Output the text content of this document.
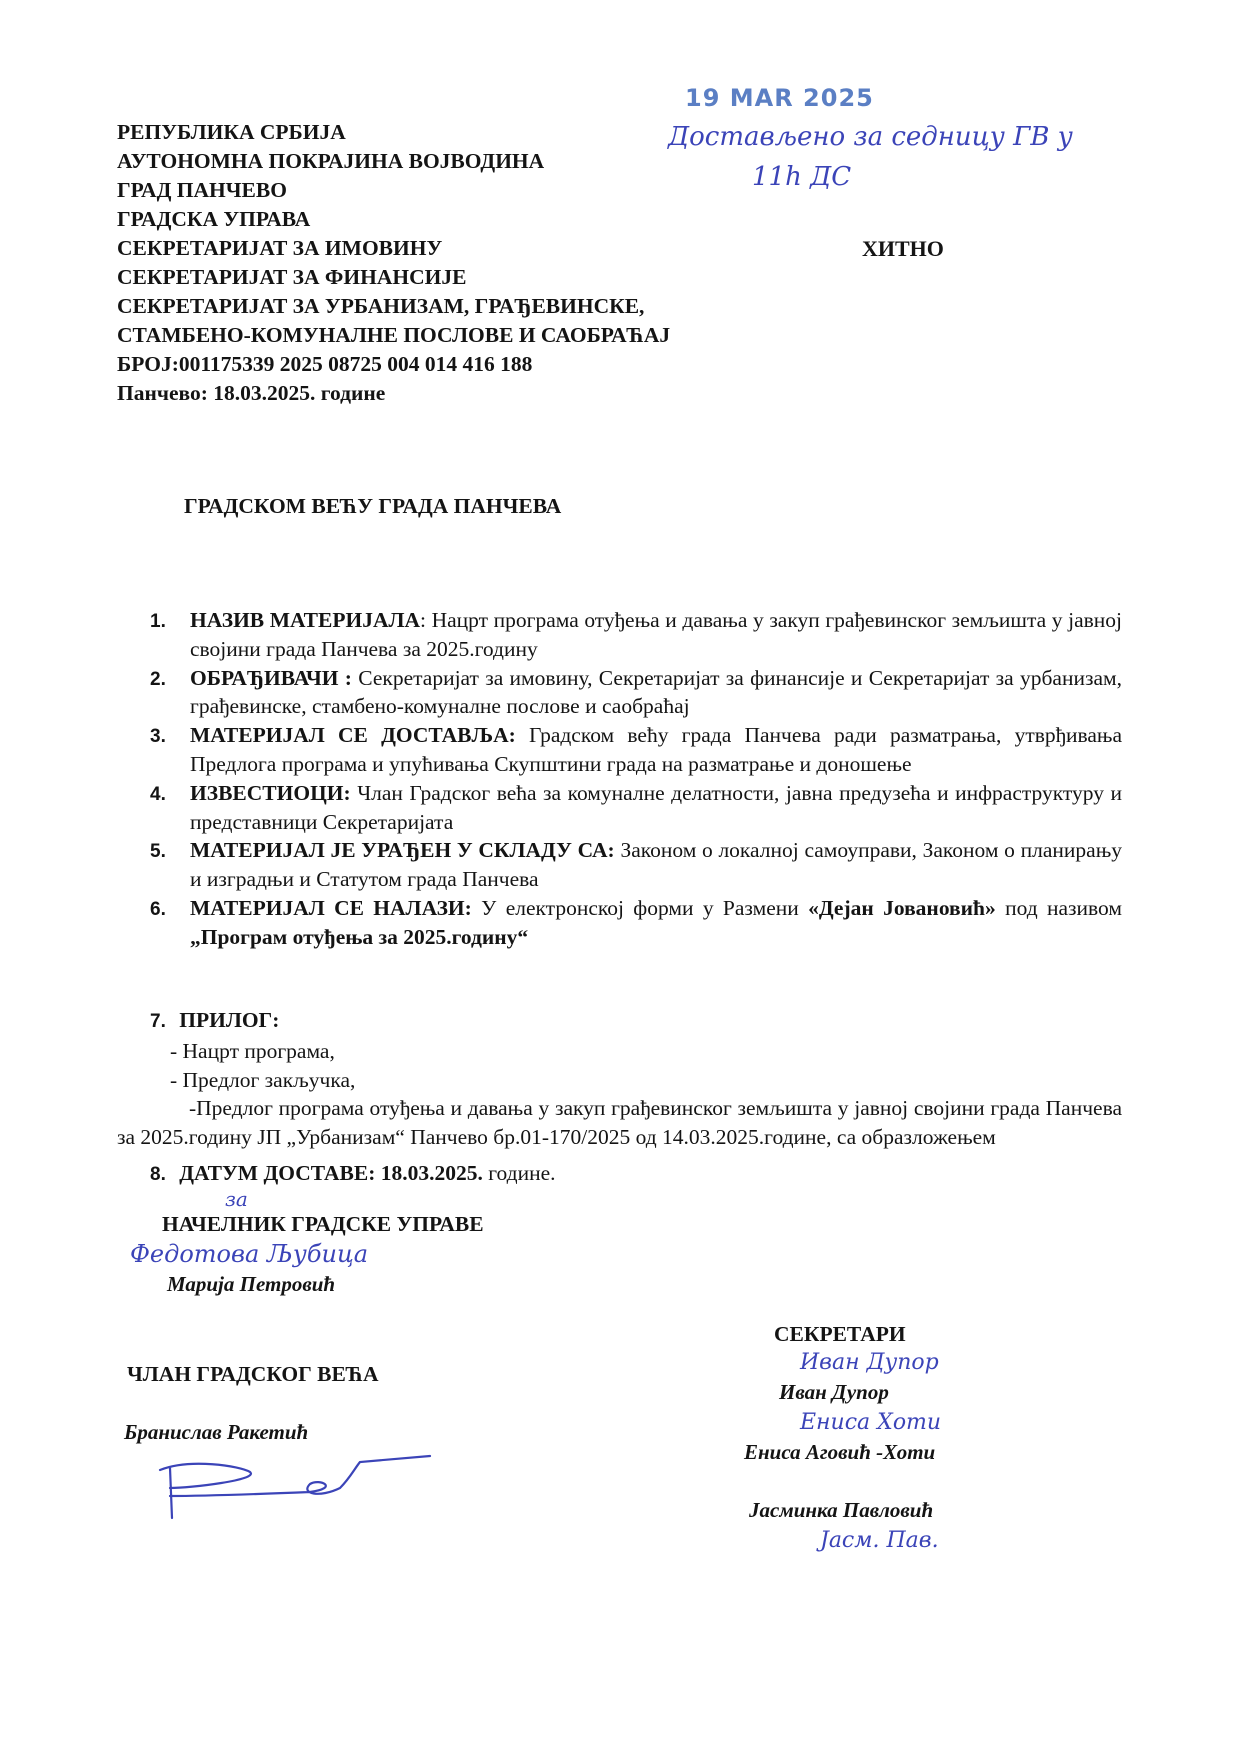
РЕПУБЛИКА СРБИЈА
АУТОНОМНА ПОКРАЈИНА ВОЈВОДИНА
ГРАД ПАНЧЕВО
ГРАДСКА УПРАВА
СЕКРЕТАРИЈАТ ЗА ИМОВИНУ
СЕКРЕТАРИЈАТ ЗА ФИНАНСИЈЕ
СЕКРЕТАРИЈАТ ЗА УРБАНИЗАМ, ГРАЂЕВИНСКЕ,
СТАМБЕНО-КОМУНАЛНЕ ПОСЛОВЕ И САОБРАЋАЈ
БРОЈ:001175339 2025 08725 004 014 416 188
Панчево: 18.03.2025. године
ХИТНО
19 MAR 2025
Достављено за седницу ГВ у
11h ДС
ГРАДСКОМ ВЕЋУ ГРАДА ПАНЧЕВА
1.	НАЗИВ МАТЕРИЈАЛА: Нацрт програма отуђења и давања у закуп грађевинског земљишта у јавној својини града Панчева за 2025.годину
2.	ОБРАЂИВАЧИ : Секретаријат за имовину, Секретаријат за финансије и Секретаријат за урбанизам, грађевинске, стамбено-комуналне послове и саобраћај
3.	МАТЕРИЈАЛ СЕ ДОСТАВЉА: Градском већу града Панчева ради разматрања, утврђивања Предлога програма и упућивања Скупштини града на разматрање и доношење
4.	ИЗВЕСТИОЦИ: Члан Градског већа за комуналне делатности, јавна предузећа и инфраструктуру и представници Секретаријата
5.	МАТЕРИЈАЛ ЈЕ УРАЂЕН У СКЛАДУ СА: Законом о локалној самоуправи, Законом о планирању и изградњи и Статутом града Панчева
6.	МАТЕРИЈАЛ СЕ НАЛАЗИ: У електронској форми у Размени «Дејан Јовановић» под називом „Програм отуђења за 2025.годину“
7. ПРИЛОГ:
- Нацрт програма,
- Предлог закључка,
-Предлог програма отуђења и давања у закуп грађевинског земљишта у јавној својини града Панчева за 2025.годину ЈП „Урбанизам“ Панчево бр.01-170/2025 од 14.03.2025.године, са образложењем
8. ДАТУМ ДОСТАВЕ: 18.03.2025. године.
за
НАЧЕЛНИК ГРАДСКЕ УПРАВЕ
Федотова Љубица
Марија Петровић
ЧЛАН ГРАДСКОГ ВЕЋА
Бранислав Ракетић
СЕКРЕТАРИ
Иван Дупор
Иван Дупор
Ениса Хоти
Ениса Аговић -Хоти
Јасминка Павловић
Јасм. Пав.
